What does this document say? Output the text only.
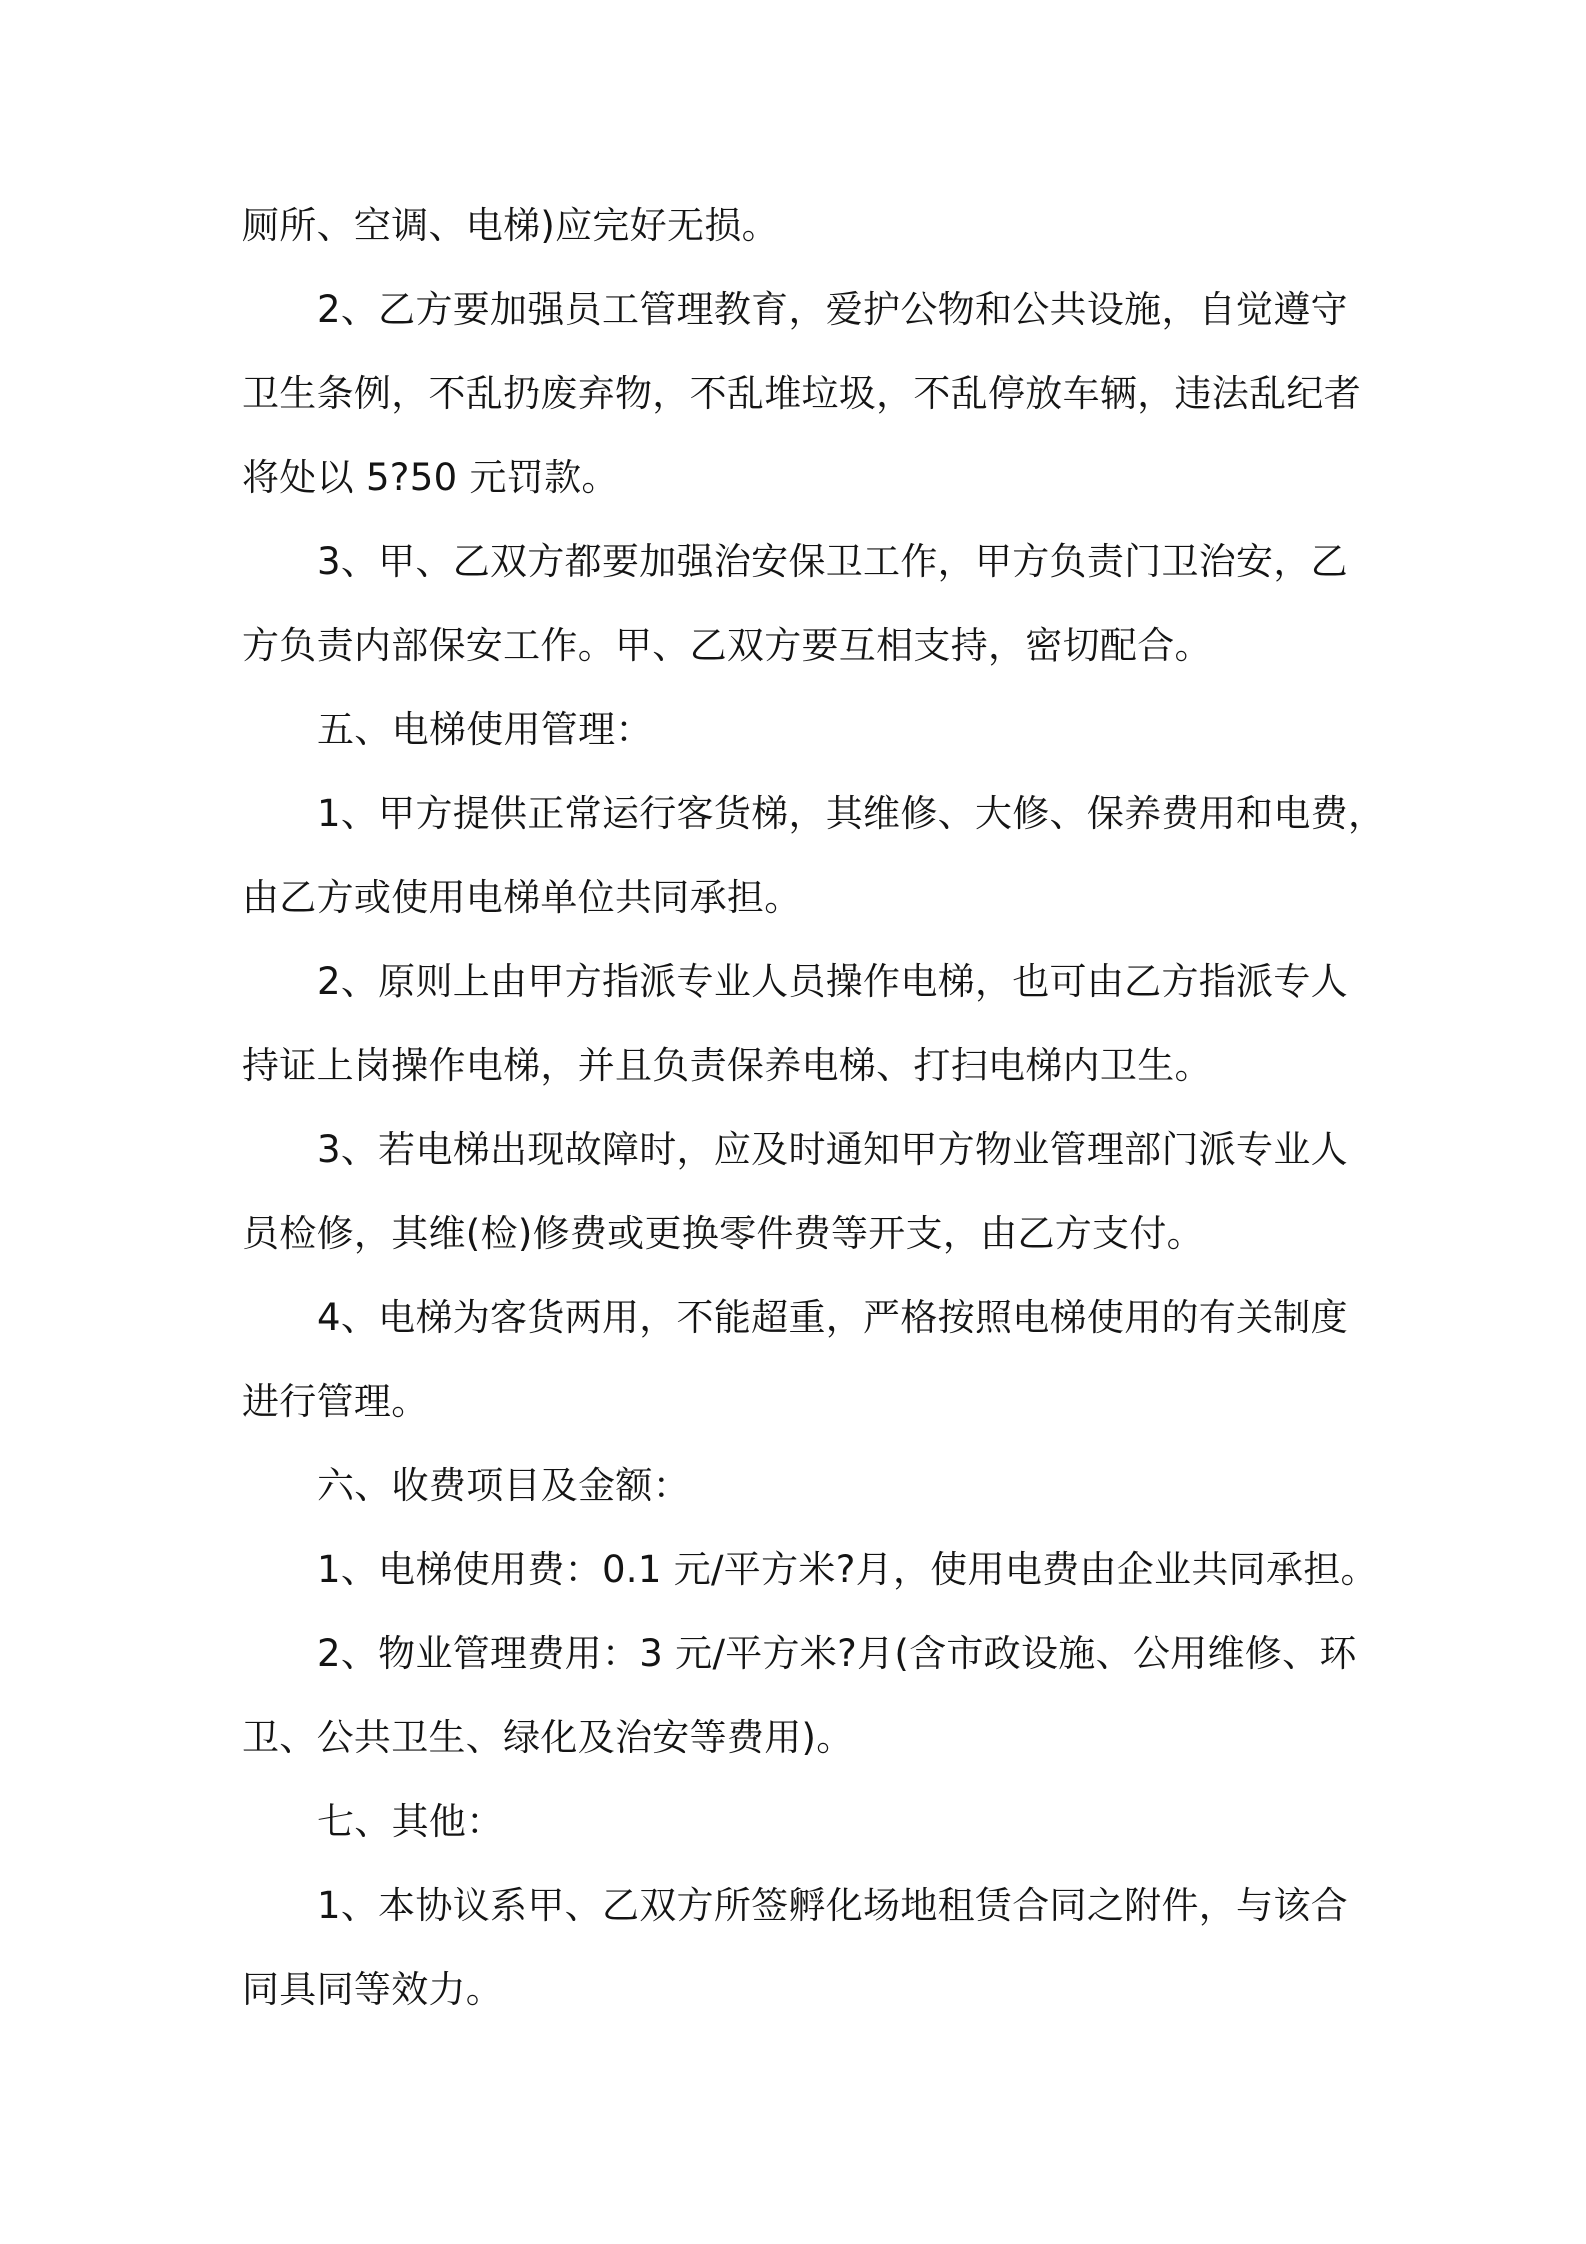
厕所、空调、电梯)应完好无损。
2、乙方要加强员工管理教育，爱护公物和公共设施，自觉遵守
卫生条例，不乱扔废弃物，不乱堆垃圾，不乱停放车辆，违法乱纪者
将处以 5?50 元罚款。
3、甲、乙双方都要加强治安保卫工作，甲方负责门卫治安，乙
方负责内部保安工作。甲、乙双方要互相支持，密切配合。
五、电梯使用管理：
1、甲方提供正常运行客货梯，其维修、大修、保养费用和电费，
由乙方或使用电梯单位共同承担。
2、原则上由甲方指派专业人员操作电梯，也可由乙方指派专人
持证上岗操作电梯，并且负责保养电梯、打扫电梯内卫生。
3、若电梯出现故障时，应及时通知甲方物业管理部门派专业人
员检修，其维(检)修费或更换零件费等开支，由乙方支付。
4、电梯为客货两用，不能超重，严格按照电梯使用的有关制度
进行管理。
六、收费项目及金额：
1、电梯使用费：0.1 元/平方米?月，使用电费由企业共同承担。
2、物业管理费用：3 元/平方米?月(含市政设施、公用维修、环
卫、公共卫生、绿化及治安等费用)。
七、其他：
1、本协议系甲、乙双方所签孵化场地租赁合同之附件，与该合
同具同等效力。
